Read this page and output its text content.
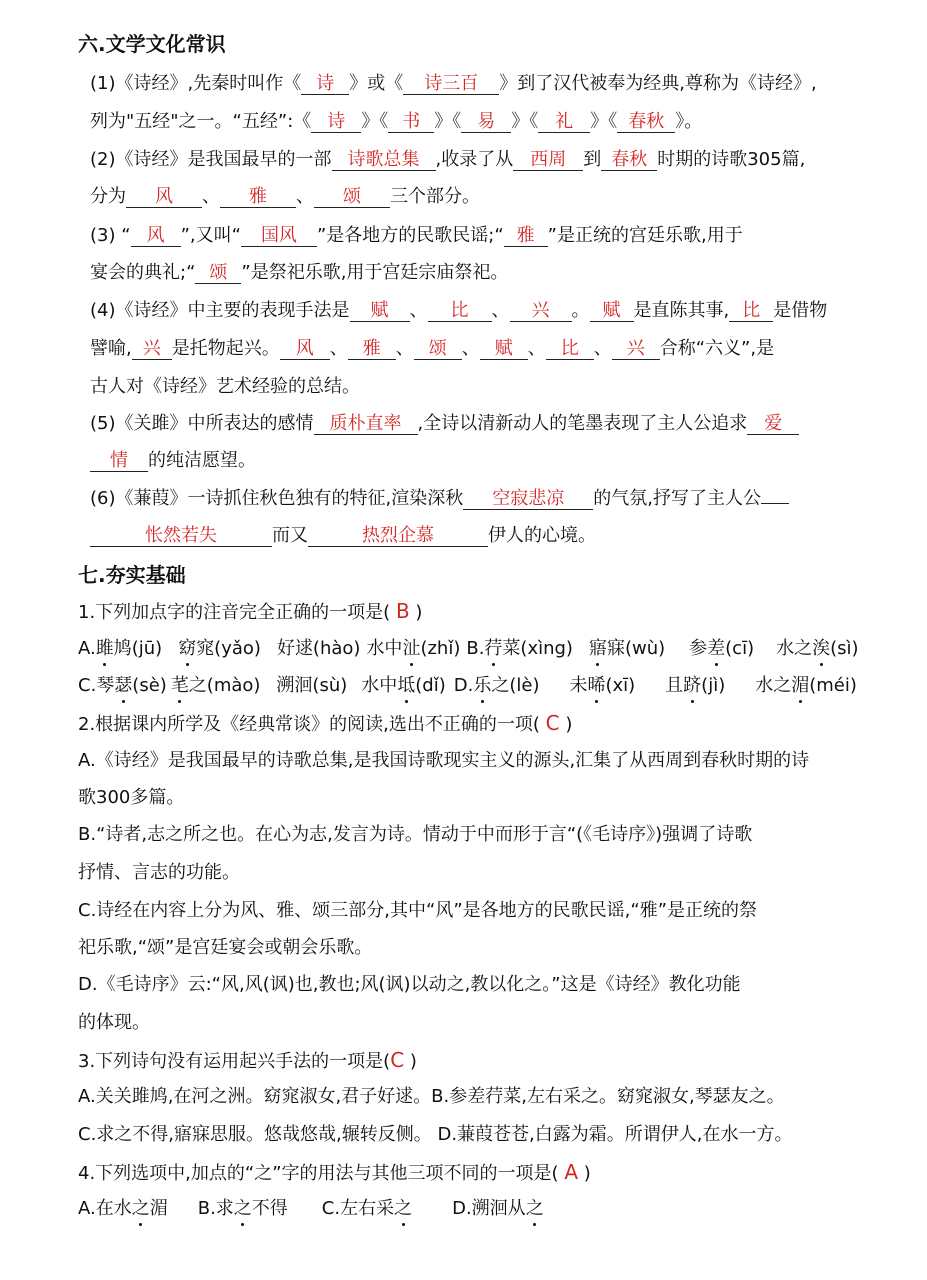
六.文学文化常识
(1)《诗经》,先秦时叫作《 诗 》或《 诗三百 》到了汉代被奉为经典,尊称为《诗经》,
列为"五经"之一。“五经”:《 诗 》《 书 》《 易 》《 礼 》《 春秋 》。
(2)《诗经》是我国最早的一部 诗歌总集 ,收录了从 西周 到 春秋 时期的诗歌305篇,
分为 风 、 雅 、 颂 三个部分。
(3) “ 风 ”,又叫“ 国风 ”是各地方的民歌民谣;“ 雅 ”是正统的宫廷乐歌,用于
宴会的典礼;“ 颂 ”是祭祀乐歌,用于宫廷宗庙祭祀。
(4)《诗经》中主要的表现手法是 赋 、 比 、 兴 。 赋 是直陈其事, 比 是借物
譬喻, 兴 是托物起兴。 风 、 雅 、 颂 、 赋 、 比 、 兴 合称“六义”,是
古人对《诗经》艺术经验的总结。
(5)《关雎》中所表达的感情 质朴直率 ,全诗以清新动人的笔墨表现了主人公追求 爱
情 的纯洁愿望。
(6)《蒹葭》一诗抓住秋色独有的特征,渲染深秋 空寂悲凉 的气氛,抒写了主人公
怅然若失	而又	热烈企慕	伊人的心境。
七.夯实基础
1.下列加点字的注音完全正确的一项是( B )
A.雎鸠(jū) 窈窕(yǎo) 好逑(hào) 水中沚(zhǐ) B.荇菜(xìng) 寤寐(wù) 参差(cī) 水之涘(sì)
C.琴瑟(sè) 芼之(mào) 溯洄(sù) 水中坻(dǐ) D.乐之(lè) 未晞(xī) 且跻(jì) 水之湄(méi)
2.根据课内所学及《经典常谈》的阅读,选出不正确的一项( C )
A.《诗经》是我国最早的诗歌总集,是我国诗歌现实主义的源头,汇集了从西周到春秋时期的诗
歌300多篇。
B.“诗者,志之所之也。在心为志,发言为诗。情动于中而形于言“(《毛诗序》)强调了诗歌
抒情、言志的功能。
C.诗经在内容上分为风、雅、颂三部分,其中“风”是各地方的民歌民谣,“雅”是正统的祭
祀乐歌,“颂”是宫廷宴会或朝会乐歌。
D.《毛诗序》云:“风,风(讽)也,教也;风(讽)以动之,教以化之。”这是《诗经》教化功能
的体现。
3.下列诗句没有运用起兴手法的一项是(C )
A.关关雎鸠,在河之洲。窈窕淑女,君子好逑。B.参差荇菜,左右采之。窈窕淑女,琴瑟友之。
C.求之不得,寤寐思服。悠哉悠哉,辗转反侧。 D.蒹葭苍苍,白露为霜。所谓伊人,在水一方。
4.下列选项中,加点的“之”字的用法与其他三项不同的一项是( A )
A.在水之湄 B.求之不得 C.左右采之 D.溯洄从之
